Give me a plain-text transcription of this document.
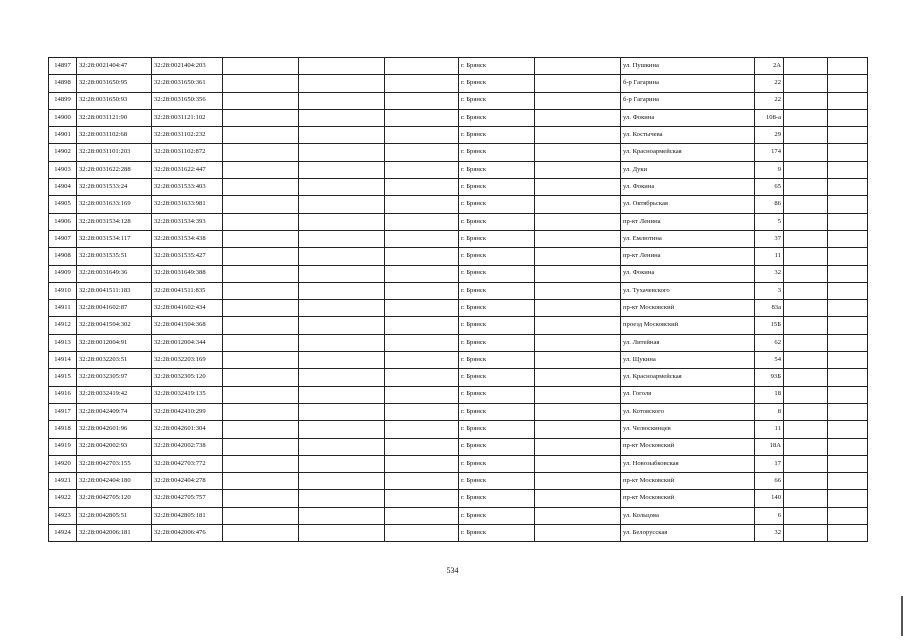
14897	32:28:0021404:47	32:28:0021404:203				г. Брянск		ул. Пушкина	2А		
14898	32:28:0031650:95	32:28:0031650:361				г. Брянск		б-р Гагарина	22		
14899	32:28:0031650:93	32:28:0031650:356				г. Брянск		б-р Гагарина	22		
14900	32:28:0031121:90	32:28:0031121:102				г. Брянск		ул. Фокина	108-а		
14901	32:28:0031102:68	32:28:0031102:232				г. Брянск		ул. Костычева	29		
14902	32:28:0031101:203	32:28:0031102:872				г. Брянск		ул. Красноармейская	174		
14903	32:28:0031622:288	32:28:0031622:447				г. Брянск		ул. Дуки	9		
14904	32:28:0031533:24	32:28:0031533:403				г. Брянск		ул. Фокина	65		
14905	32:28:0031633:169	32:28:0031633:981				г. Брянск		ул. Октябрьская	86		
14906	32:28:0031534:128	32:28:0031534:393				г. Брянск		пр-кт Ленина	5		
14907	32:28:0031534:117	32:28:0031534:438				г. Брянск		ул. Емлютина	37		
14908	32:28:0031535:51	32:28:0031535:427				г. Брянск		пр-кт Ленина	11		
14909	32:28:0031649:36	32:28:0031649:388				г. Брянск		ул. Фокина	32		
14910	32:28:0041511:183	32:28:0041511:835				г. Брянск		ул. Тухачевского	3		
14911	32:28:0041602:87	32:28:0041602:434				г. Брянск		пр-кт Московский	83а		
14912	32:28:0041504:302	32:28:0041504:368				г. Брянск		проезд Московский	15Б		
14913	32:28:0012004:91	32:28:0012004:344				г. Брянск		ул. Литейная	62		
14914	32:28:0032203:51	32:28:0032203:169				г. Брянск		ул. Щукина	54		
14915	32:28:0032305:97	32:28:0032305:120				г. Брянск		ул. Красноармейская	93Б		
14916	32:28:0032419:42	32:28:0032419:135				г. Брянск		ул. Гоголя	18		
14917	32:28:0042409:74	32:28:0042410:299				г. Брянск		ул. Котовского	8		
14918	32:28:0042601:96	32:28:0042601:304				г. Брянск		ул. Челюскинцев	11		
14919	32:28:0042002:93	32:28:0042002:738				г. Брянск		пр-кт Московский	18А		
14920	32:28:0042703:155	32:28:0042703:772				г. Брянск		ул. Новозыбковская	17		
14921	32:28:0042404:180	32:28:0042404:278				г. Брянск		пр-кт Московский	66		
14922	32:28:0042705:120	32:28:0042705:757				г. Брянск		пр-кт Московский	140		
14923	32:28:0042805:51	32:28:0042805:181				г. Брянск		ул. Кольцова	6		
14924	32:28:0042006:181	32:28:0042006:476				г. Брянск		ул. Белорусская	32		
534
